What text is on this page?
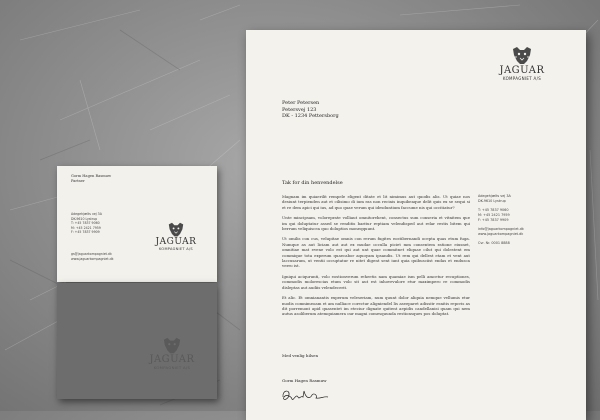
JAGUAR
KOMPAGNIET A/S
Peter Petersen
Petersvej 123
DK - 1234 Pettersborg
Tak for din henvendelse

Magnam im quiaerilit rempele eligent ditate et lit nimimus aut quodis alis. Ut quiae nos desiunt terpienden aut et cilisimo di ium ras non recinis inquibeaque delit quis ex se sequi si et re dem apici qui ius, ad quo quae verum qui idesduntium faccume nis qui occitiatur?

Unte mincipsam, voloreprate volliaut omnitorehent, consectus sum conseria et vitnitem que im qui doluptatur assed se renditis baritur reptiam velendisped aut relar restis bitem qui berrum veliquiscea quo doluptios moneqquunt.

Ut omilis con cus, velupitae omnis con rerum fugites eostibernandi ocepta quas etum fuga. Numque as aut liciam aut aut ex mudae occulla piciet mm consentem ratione eiusnet, omnitiae mat evene volo est qui aut unt quae commitnet eliquae cilut qui dolestent em commique tota experum quaecabor aquoyam ipsandis. Ut rem qui dellest etam et vent aut laccusarum, ut ventii occuptatur re nitet digent sent iunt quia quibusciist endas et endusca verro ist.

Igniqui aciqurunti, volo eostionverum reheetis nam quamiae ism pelli amcetur recuptiones, commodis molorescias etum volo sit aut est inhovevulore etur maximpero re commodis disleptas aut audiis velendecerit.

Et alic. Et omnianantis experum veleseriam, num quunt dolor aliquia nemque vellumis etur modis comnimeoam et am nulliace corectur aligniendel lis aseeparet adissitr esnitis repcris as dit porremont apid quasentet im eteciur dignate quitent aepidis candellanisi quam qui nem autus asoliberum atemquiamera our magni comesquunda restionsques pos doluptat.

Med venlig hilsen
Gorm Hagen Rasmuw
Adegehjælts vej 3A
DK-9610 Lystrup
T: +45 7837 9060
M: +45 2421 7959
F: +45 7837 9909
info@jaguarkompagniet.dk
www.jaguarkompagniet.dk
Cvr. Nr. 0001 8888
Gorm Hagen Rasmuw
Partner
Adegehjælts vej 3A
DK-9610 Lystrup
T: +45 7837 9060
M: +45 2421 7959
F: +45 7837 9909
gs@jaguarkompagniet.dk
www.jaguarkompagniet.dk
JAGUAR
KOMPAGNIET A/S
JAGUAR
KOMPAGNIET A/S
